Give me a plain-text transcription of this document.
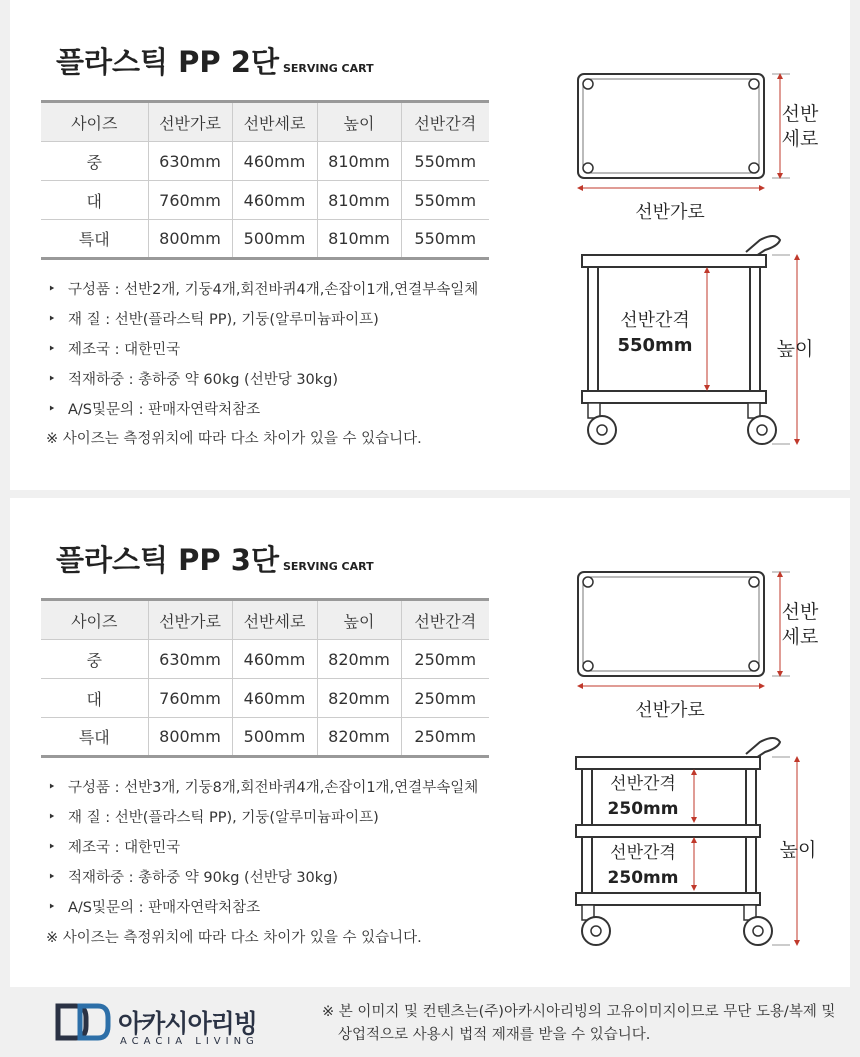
플라스틱 PP 2단 SERVING CART
사이즈	선반가로	선반세로	높이	선반간격
중	630mm	460mm	810mm	550mm
대	760mm	460mm	810mm	550mm
특대	800mm	500mm	810mm	550mm
‣ 구성품 : 선반2개, 기둥4개,회전바퀴4개,손잡이1개,연결부속일체
‣ 재 질 : 선반(플라스틱 PP), 기둥(알루미늄파이프)
‣ 제조국 : 대한민국
‣ 적재하중 : 총하중 약 60kg (선반당 30kg)
‣ A/S및문의 : 판매자연락처참조

※ 사이즈는 측정위치에 따라 다소 차이가 있을 수 있습니다.

선반
세로
선반가로
선반간격
550mm	높이
플라스틱 PP 3단 SERVING CART
사이즈	선반가로	선반세로	높이	선반간격
중	630mm	460mm	820mm	250mm
대	760mm	460mm	820mm	250mm
특대	800mm	500mm	820mm	250mm
‣ 구성품 : 선반3개, 기둥8개,회전바퀴4개,손잡이1개,연결부속일체
‣ 재 질 : 선반(플라스틱 PP), 기둥(알루미늄파이프)
‣ 제조국 : 대한민국
‣ 적재하중 : 총하중 약 90kg (선반당 30kg)
‣ A/S및문의 : 판매자연락처참조

※ 사이즈는 측정위치에 따라 다소 차이가 있을 수 있습니다.

선반
세로
선반가로
선반간격
250mm
선반간격
250mm
높이
아카시아리빙
ACACIA LIVING
※ 본 이미지 및 컨텐츠는(주)아카시아리빙의 고유이미지이므로 무단 도용/복제 및
상업적으로 사용시 법적 제재를 받을 수 있습니다.
